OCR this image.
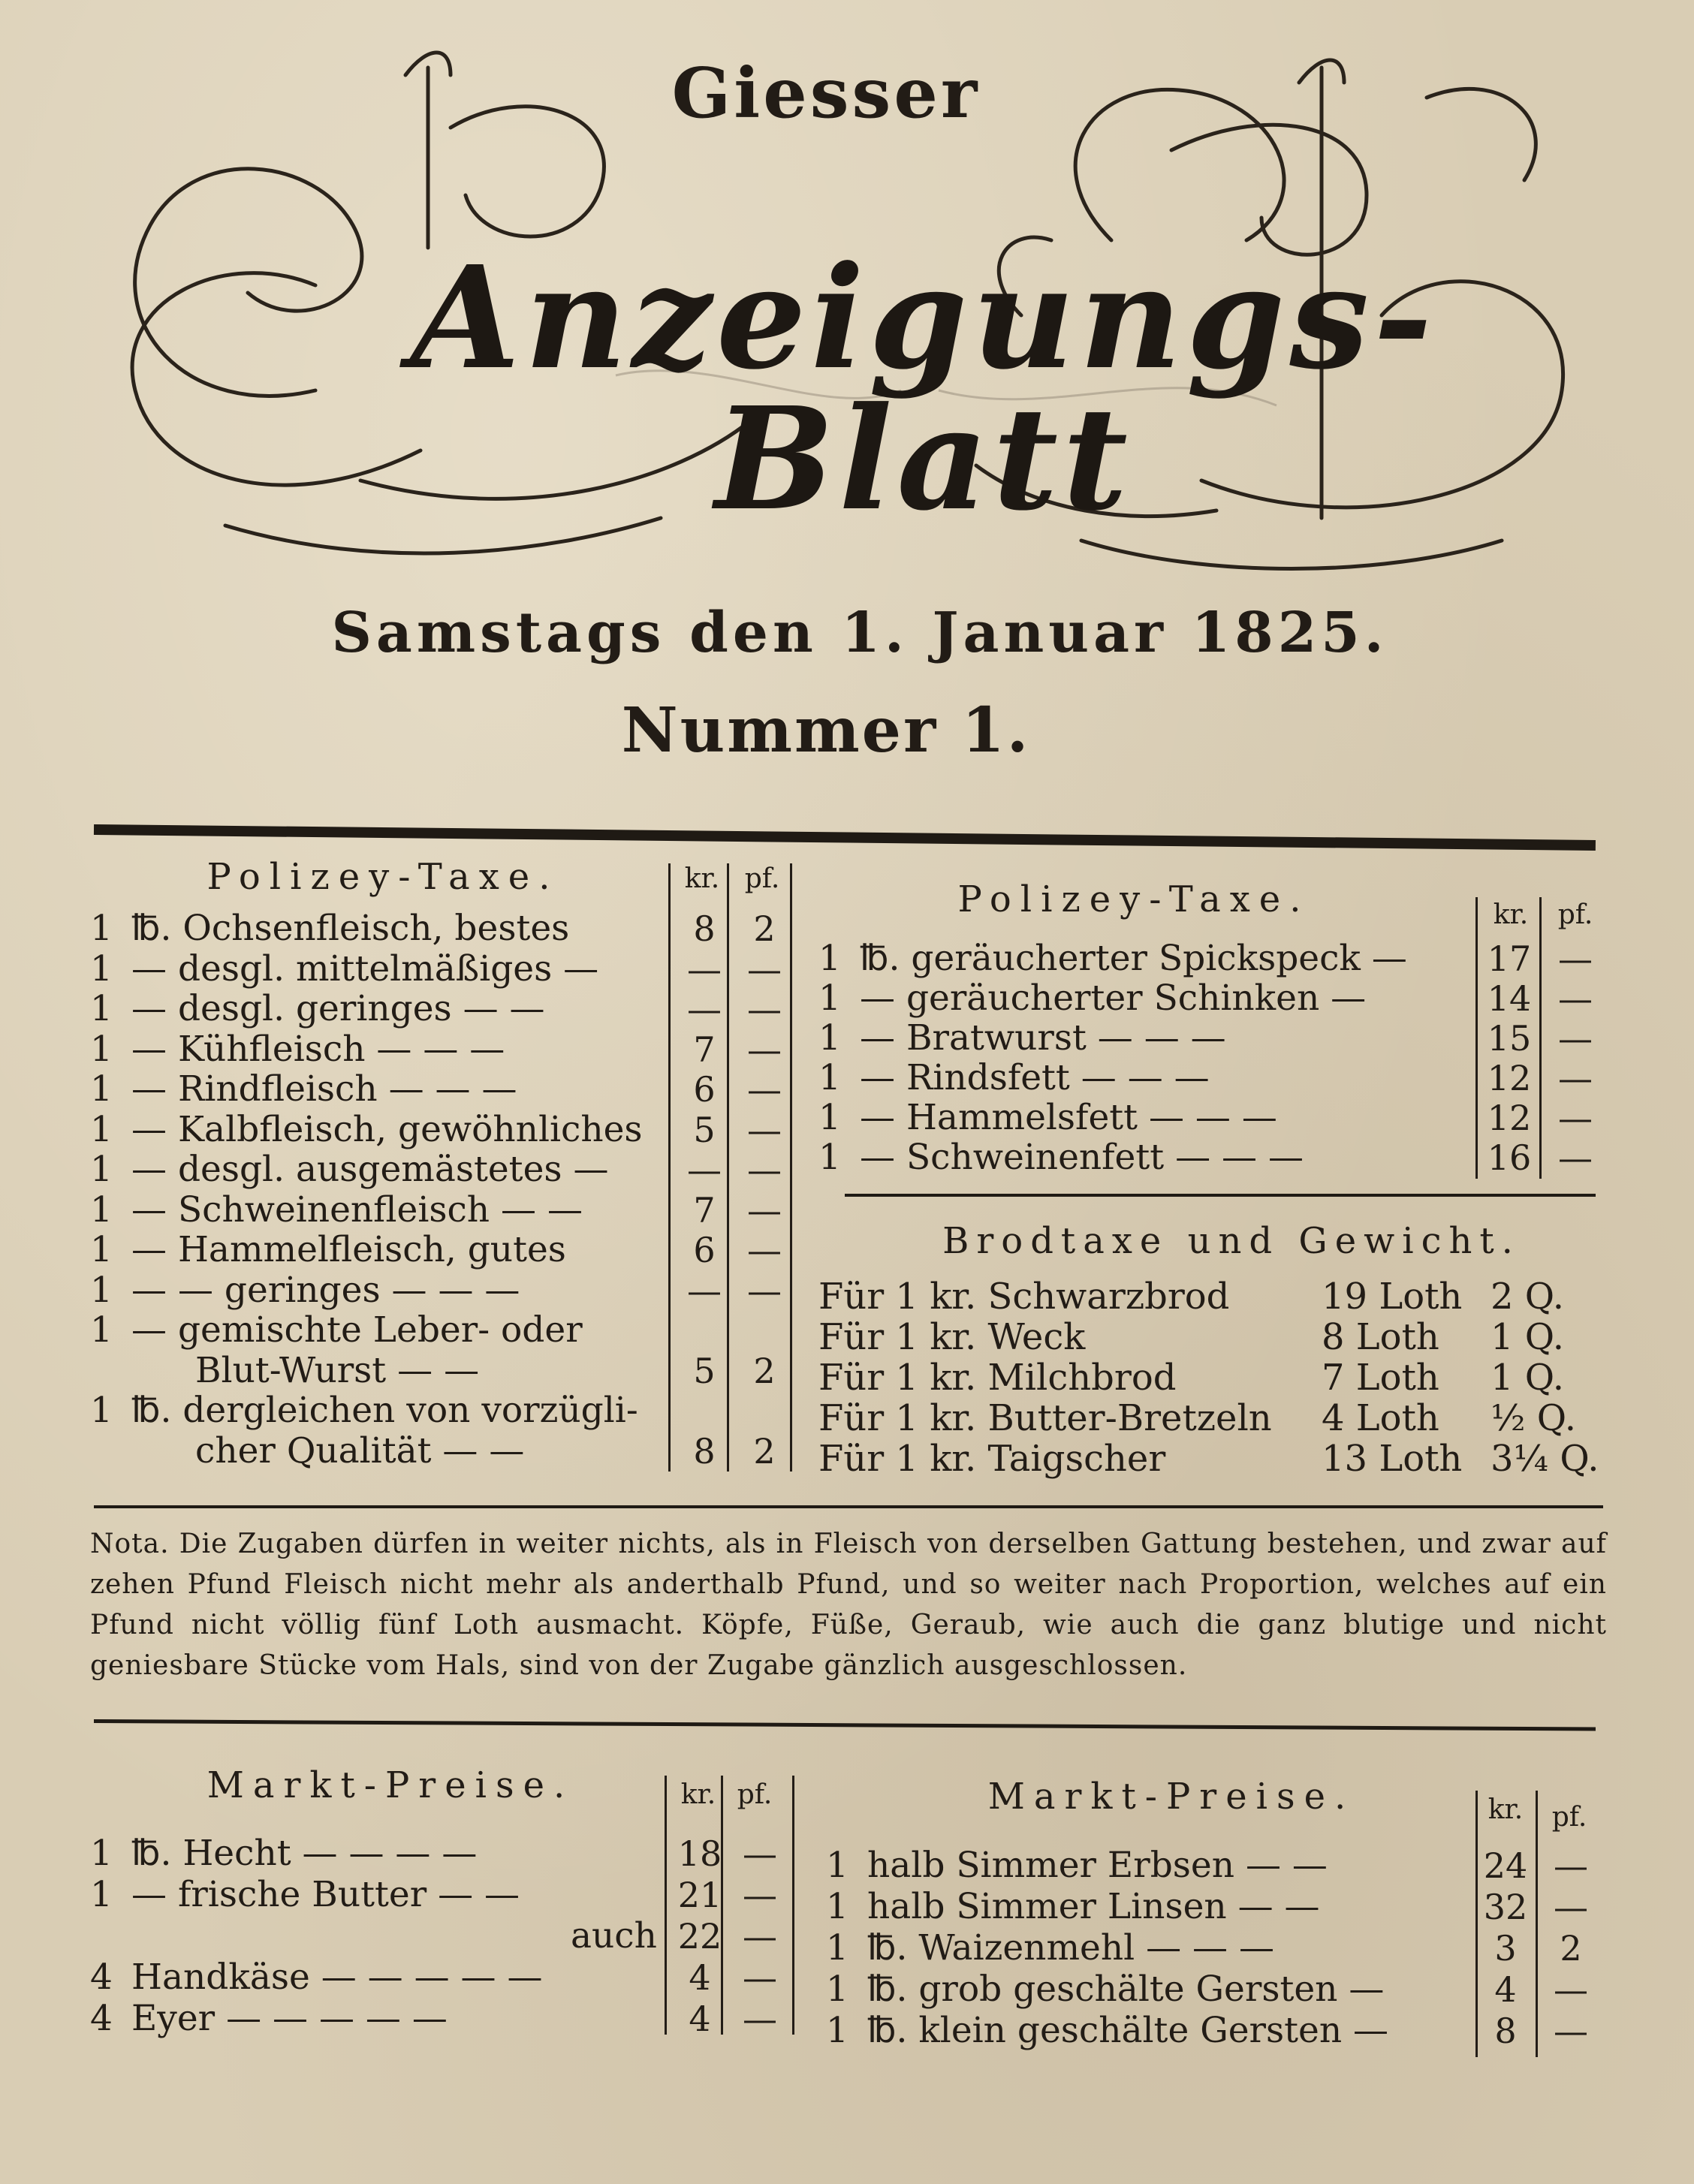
Giesser
Anzeigungs-Blatt
Samstags den 1. Januar 1825.
Nummer 1.
Polizey-Taxe.	kr. pf.
1 ℔. Ochsenfleisch, bestes	8	2
1 — desgl. mittelmäßiges —	— —
1 — desgl. geringes — —	— —
1 — Kühfleisch — — —	7 —
1 — Rindfleisch — — —	6 —
1 — Kalbfleisch, gewöhnliches	5 —
1 — desgl. ausgemästetes —	— —
1 — Schweinenfleisch — —	7 —
1 — Hammelfleisch, gutes	6 —
1 — — geringes — — —	— —
1 — gemischte Leber- oder
Blut-Wurst — —	5	2
1 ℔. dergleichen von vorzügli-
cher Qualität — —	8	2
Polizey-Taxe.	kr.	pf.
1 ℔. geräucherter Spickspeck — 17 —
1 — geräucherter Schinken —	14 —
1 — Bratwurst — — —	15 —
1 — Rindsfett — — —	12 —
1 — Hammelsfett — — —	12 —
1 — Schweinenfett — — —	16 —
Brodtaxe und Gewicht.
Für 1 kr. Schwarzbrod	19 Loth 2 Q.
Für 1 kr. Weck	8 Loth 1 Q.
Für 1 kr. Milchbrod	7 Loth 1 Q.
Für 1 kr. Butter-Bretzeln 4 Loth ½ Q.
Für 1 kr. Taigscher	13 Loth 3¼ Q.
Nota. Die Zugaben dürfen in weiter nichts, als in Fleisch von derselben Gattung bestehen, und zwar auf zehen Pfund Fleisch nicht mehr als anderthalb Pfund, und so weiter nach Proportion, welches auf ein Pfund nicht völlig fünf Loth ausmacht. Köpfe, Füße, Geraub, wie auch die ganz blutige und nicht geniesbare Stücke vom Hals, sind von der Zugabe gänzlich ausgeschlossen.
Markt-Preise.	kr. pf.
1 ℔. Hecht — — — —	18 —
1 — frische Butter — —	21 —
auch 22 —
4 Handkäse — — — — —	4 —
4 Eyer — — — — —	4 —
Markt-Preise.	kr.	pf.
1 halb Simmer Erbsen — —	24 —
1 halb Simmer Linsen — —	32 —
1 ℔. Waizenmehl — — —	3	2
1 ℔. grob geschälte Gersten —	4	—
1 ℔. klein geschälte Gersten —	8	—
